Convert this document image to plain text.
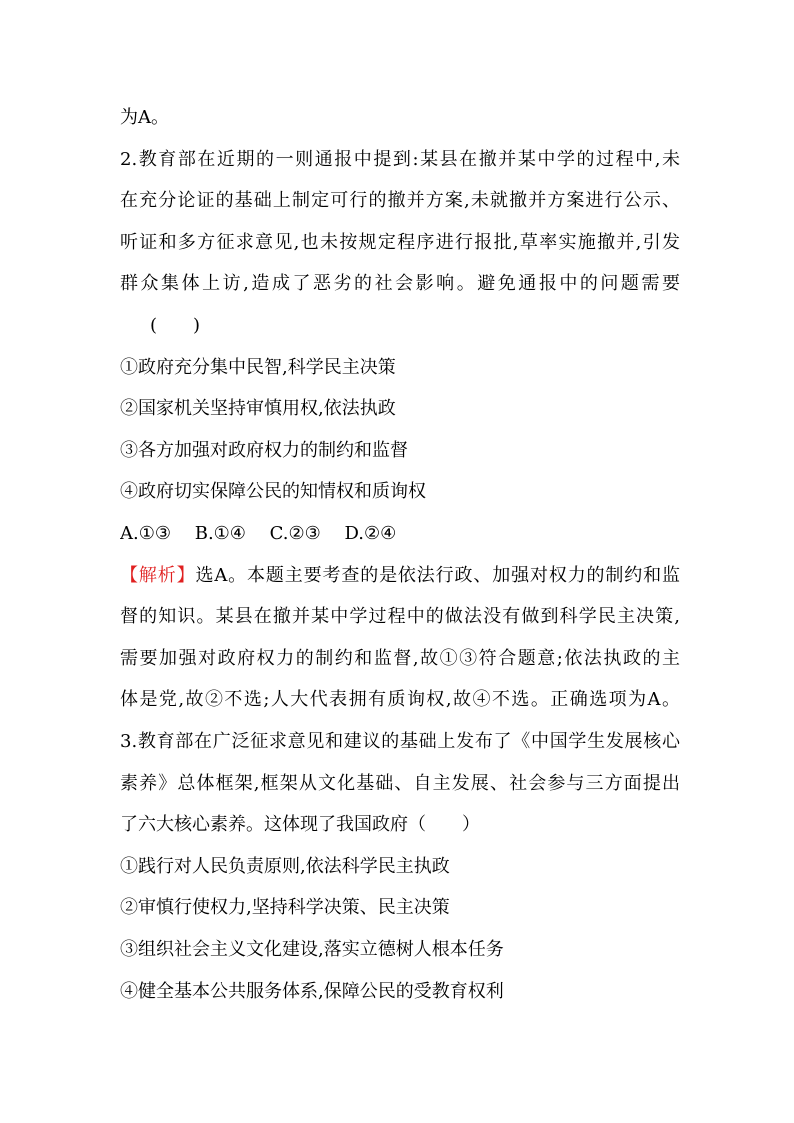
为A。
2.教育部在近期的一则通报中提到:某县在撤并某中学的过程中,未
在充分论证的基础上制定可行的撤并方案,未就撤并方案进行公示、
听证和多方征求意见,也未按规定程序进行报批,草率实施撤并,引发
群众集体上访,造成了恶劣的社会影响。避免通报中的问题需要
(　　)
①政府充分集中民智,科学民主决策
②国家机关坚持审慎用权,依法执政
③各方加强对政府权力的制约和监督
④政府切实保障公民的知情权和质询权
A.①③　 B.①④　 C.②③　 D.②④
【解析】选A。本题主要考查的是依法行政、加强对权力的制约和监
督的知识。某县在撤并某中学过程中的做法没有做到科学民主决策,
需要加强对政府权力的制约和监督,故①③符合题意;依法执政的主
体是党,故②不选;人大代表拥有质询权,故④不选。正确选项为A。
3.教育部在广泛征求意见和建议的基础上发布了《中国学生发展核心
素养》总体框架,框架从文化基础、自主发展、社会参与三方面提出
了六大核心素养。这体现了我国政府（　　）
①践行对人民负责原则,依法科学民主执政
②审慎行使权力,坚持科学决策、民主决策
③组织社会主义文化建设,落实立德树人根本任务
④健全基本公共服务体系,保障公民的受教育权利
